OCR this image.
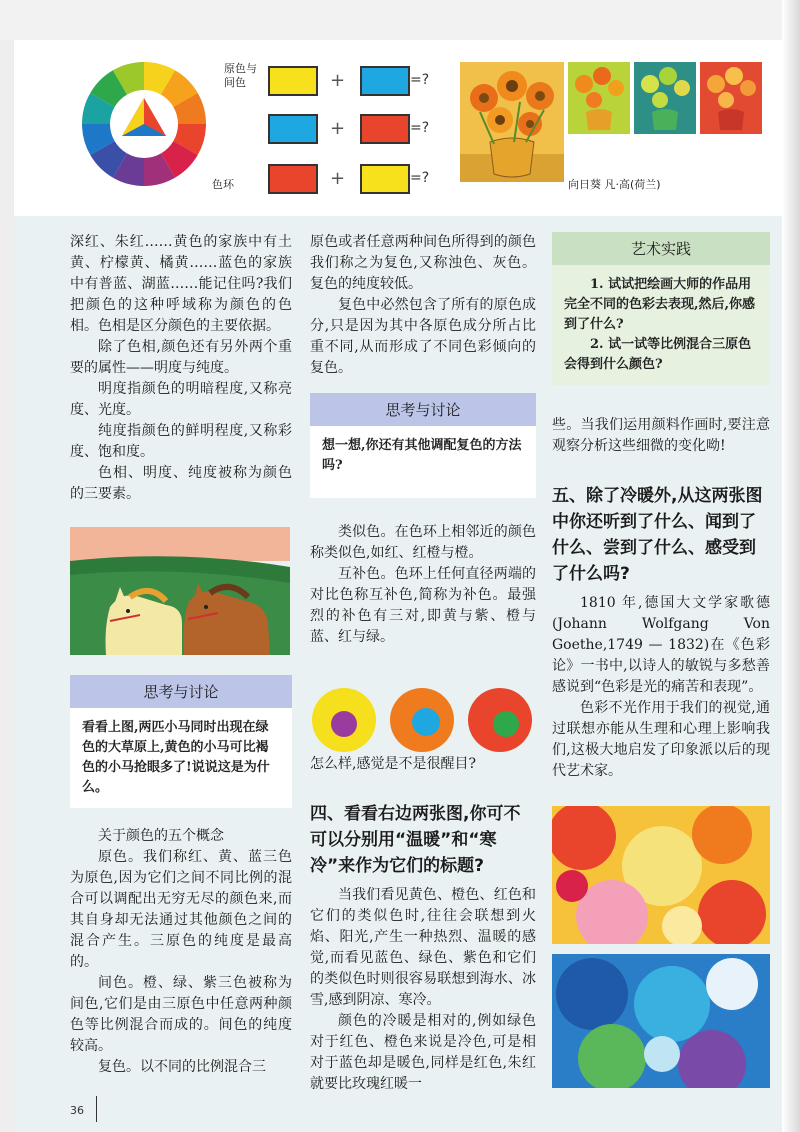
原色与
间色
色环
+	=?
+	=?
+	=?	向日葵 凡·高(荷兰)

深红、朱红……黄色的家族中有土黄、柠檬黄、橘黄……蓝色的家族中有普蓝、湖蓝……能记住吗?我们把颜色的这种呼域称为颜色的色相。色相是区分颜色的主要依据。

除了色相,颜色还有另外两个重要的属性——明度与纯度。

明度指颜色的明暗程度,又称亮度、光度。

纯度指颜色的鲜明程度,又称彩度、饱和度。

色相、明度、纯度被称为颜色的三要素。

思考与讨论
看看上图,两匹小马同时出现在绿色的大草原上,黄色的小马可比褐色的小马抢眼多了!说说这是为什么。

关于颜色的五个概念

原色。我们称红、黄、蓝三色为原色,因为它们之间不同比例的混合可以调配出无穷无尽的颜色来,而其自身却无法通过其他颜色之间的混合产生。三原色的纯度是最高的。

间色。橙、绿、紫三色被称为间色,它们是由三原色中任意两种颜色等比例混合而成的。间色的纯度较高。

复色。以不同的比例混合三

原色或者任意两种间色所得到的颜色我们称之为复色,又称浊色、灰色。复色的纯度较低。

复色中必然包含了所有的原色成分,只是因为其中各原色成分所占比重不同,从而形成了不同色彩倾向的复色。

思考与讨论
想一想,你还有其他调配复色的方法吗?

类似色。在色环上相邻近的颜色称类似色,如红、红橙与橙。

互补色。色环上任何直径两端的对比色称互补色,简称为补色。最强烈的补色有三对,即黄与紫、橙与蓝、红与绿。

怎么样,感觉是不是很醒目?

四、看看右边两张图,你可不可以分别用“温暖”和“寒冷”来作为它们的标题?

当我们看见黄色、橙色、红色和它们的类似色时,往往会联想到火焰、阳光,产生一种热烈、温暖的感觉,而看见蓝色、绿色、紫色和它们的类似色时则很容易联想到海水、冰雪,感到阴凉、寒冷。

颜色的冷暖是相对的,例如绿色对于红色、橙色来说是冷色,可是相对于蓝色却是暖色,同样是红色,朱红就要比玫瑰红暖一

艺术实践
1. 试试把绘画大师的作品用完全不同的色彩去表现,然后,你感到了什么?
2. 试一试等比例混合三原色会得到什么颜色?

些。当我们运用颜料作画时,要注意观察分析这些细微的变化呦!

五、除了冷暖外,从这两张图中你还听到了什么、闻到了什么、尝到了什么、感受到了什么吗?

1810 年,德国大文学家歌德(Johann Wolfgang Von Goethe,1749 — 1832)在《色彩论》一书中,以诗人的敏锐与多愁善感说到“色彩是光的痛苦和表现”。

色彩不光作用于我们的视觉,通过联想亦能从生理和心理上影响我们,这极大地启发了印象派以后的现代艺术家。

36
